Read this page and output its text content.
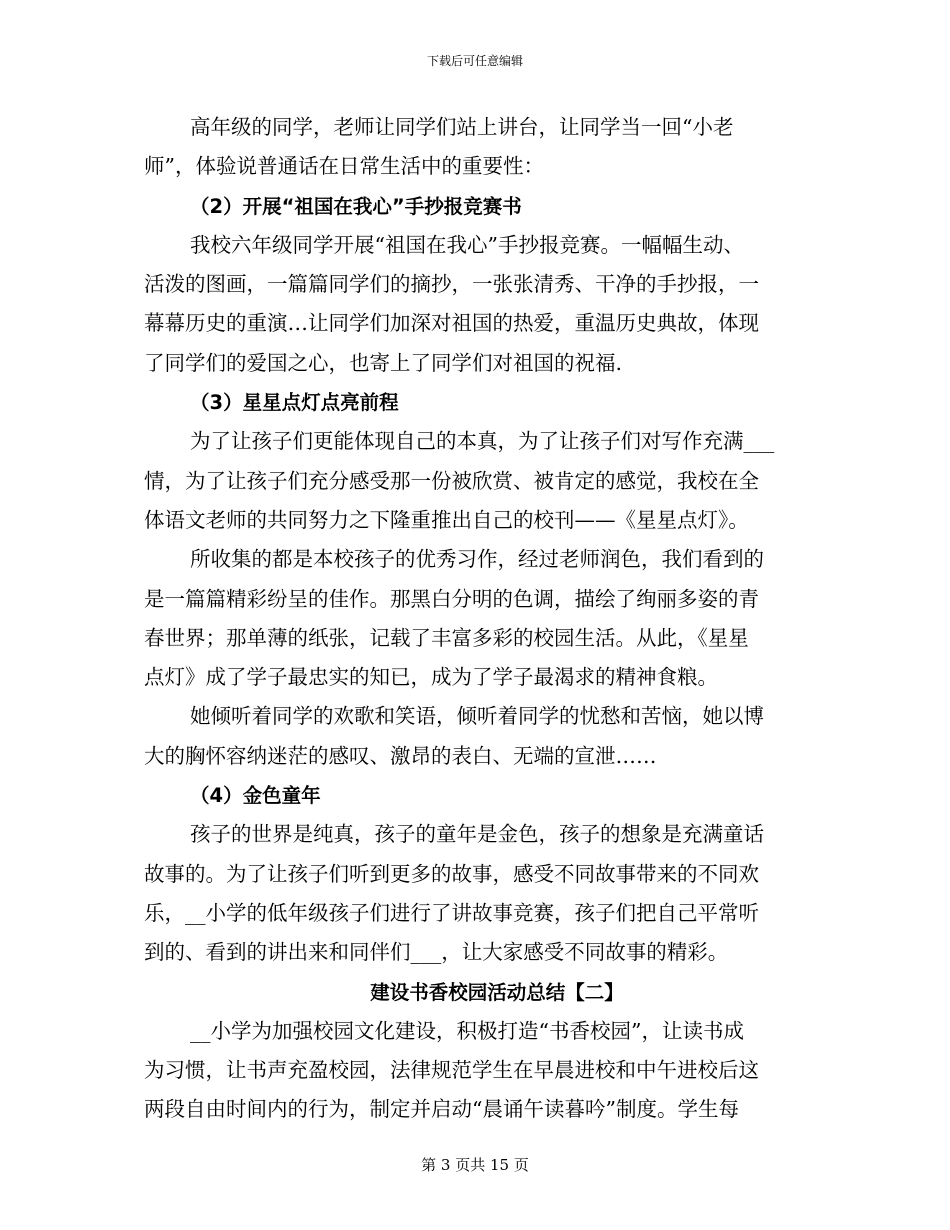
下载后可任意编辑
高年级的同学，老师让同学们站上讲台，让同学当一回“小老
师”，体验说普通话在日常生活中的重要性：
（2）开展“祖国在我心”手抄报竞赛书
我校六年级同学开展“祖国在我心”手抄报竞赛。一幅幅生动、
活泼的图画，一篇篇同学们的摘抄，一张张清秀、干净的手抄报，一
幕幕历史的重演…让同学们加深对祖国的热爱，重温历史典故，体现
了同学们的爱国之心，也寄上了同学们对祖国的祝福.
（3）星星点灯点亮前程
为了让孩子们更能体现自己的本真，为了让孩子们对写作充满___
情，为了让孩子们充分感受那一份被欣赏、被肯定的感觉，我校在全
体语文老师的共同努力之下隆重推出自己的校刊——《星星点灯》。
所收集的都是本校孩子的优秀习作，经过老师润色，我们看到的
是一篇篇精彩纷呈的佳作。那黑白分明的色调，描绘了绚丽多姿的青
春世界；那单薄的纸张，记载了丰富多彩的校园生活。从此，《星星
点灯》成了学子最忠实的知已，成为了学子最渴求的精神食粮。
她倾听着同学的欢歌和笑语，倾听着同学的忧愁和苦恼，她以博
大的胸怀容纳迷茫的感叹、激昂的表白、无端的宣泄……
（4）金色童年
孩子的世界是纯真，孩子的童年是金色，孩子的想象是充满童话
故事的。为了让孩子们听到更多的故事，感受不同故事带来的不同欢
乐，__小学的低年级孩子们进行了讲故事竞赛，孩子们把自己平常听
到的、看到的讲出来和同伴们___，让大家感受不同故事的精彩。
建设书香校园活动总结【二】
__小学为加强校园文化建设，积极打造“书香校园”，让读书成
为习惯，让书声充盈校园，法律规范学生在早晨进校和中午进校后这
两段自由时间内的行为，制定并启动“晨诵午读暮吟”制度。学生每
第 3 页共 15 页
